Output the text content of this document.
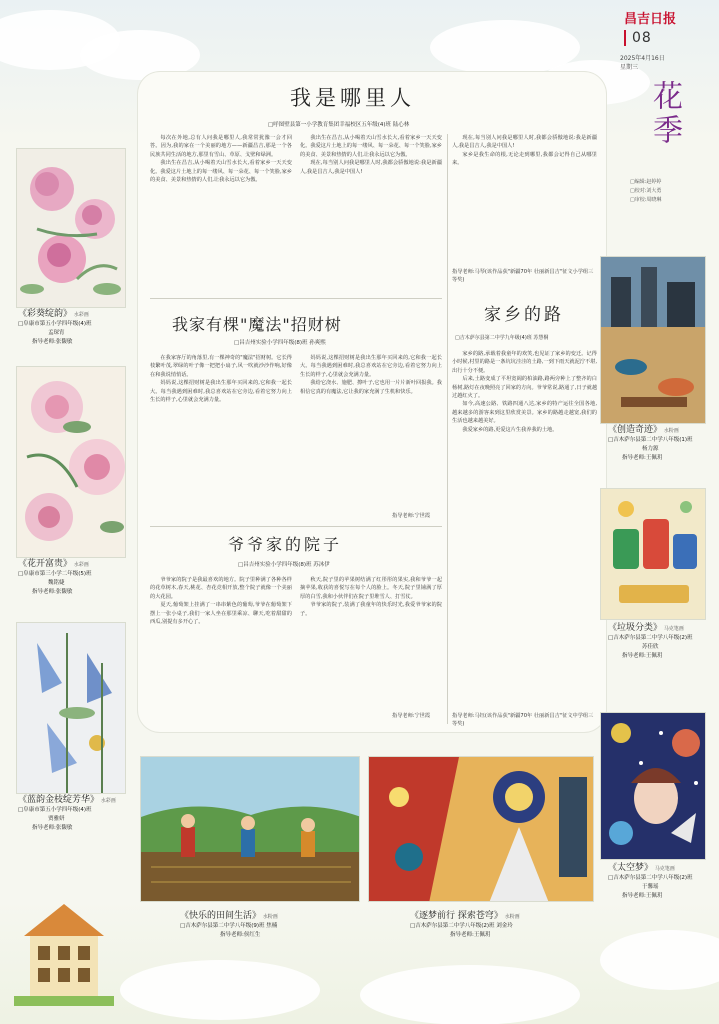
昌吉日报
08
2025年4月16日
星期三
花季
□编辑:赵婷婷
□校对:刘大勇
□审校:周晓琳
我是哪里人
□呼图壁县第一小学教育集团幸福校区五年级(4)班 陆心林

每次在外地,总有人问我是哪里人,我常常犹豫一会才回答。因为,我的家在一个美丽的地方——新疆昌吉,那是一个各民族共同生活的地方,那里有雪山、草原、戈壁和绿洲。

我出生在昌吉,从小喝着天山雪水长大,看着家乡一天天变化。我爱这片土地上的每一缕风、每一朵花、每一个笑脸,家乡的美食、美景和热情的人们,让我永远以它为傲。

我出生在昌吉,从小喝着天山雪水长大,看着家乡一天天变化。我爱这片土地上的每一缕风、每一朵花、每一个笑脸,家乡的美食、美景和热情的人们,让我永远以它为傲。

现在,每当别人问我是哪里人时,我都会骄傲地说:我是新疆人,我是昌吉人,我是中国人!

现在,每当别人问我是哪里人时,我都会骄傲地说:我是新疆人,我是昌吉人,我是中国人!

家乡是我生命的根,无论走到哪里,我都会记得自己从哪里来。

指导老师:马琴(该作品获"新疆70年 壮丽新昌吉"征文小学组三等奖)
我家有棵"魔法"招财树
□昌吉州实验小学四年级(8)班 孙爽熙

在我家客厅的角落里,有一棵神奇的"魔法"招财树。它长得枝繁叶茂,翠绿的叶子像一把把小扇子,风一吹就沙沙作响,好像在和我说悄悄话。

妈妈说,这棵招财树是我出生那年买回来的,它和我一起长大。每当我遇到困难时,我总喜欢站在它旁边,看着它努力向上生长的样子,心里就会充满力量。

妈妈说,这棵招财树是我出生那年买回来的,它和我一起长大。每当我遇到困难时,我总喜欢站在它旁边,看着它努力向上生长的样子,心里就会充满力量。

我给它浇水、施肥、擦叶子,它也用一片片新叶回报我。我相信它真的有魔法,它让我的家充满了生机和快乐。

指导老师:宁世霞
家乡的路
□吉木萨尔县第二中学九年级(4)班 苏慧桐

家乡的路,承载着我童年的欢笑,也见证了家乡的变迁。记得小时候,村里的路是一条坑坑洼洼的土路,一到下雨天就泥泞不堪,出行十分不便。

后来,土路变成了平坦宽阔的柏油路,路两旁种上了整齐的白杨树,路灯在夜晚照亮了回家的方向。爷爷常说,路通了,日子就越过越红火了。

如今,高速公路、铁路四通八达,家乡的特产运往全国各地,越来越多的游客来到这里欣赏美景。家乡的路越走越宽,我们的生活也越来越美好。

我爱家乡的路,更爱这片生我养我的土地。

指导老师:马钰(该作品获"新疆70年 壮丽新昌吉"征文中学组三等奖)
爷爷家的院子
□昌吉州实验小学四年级(8)班 苏沐伊

爷爷家的院子是我最喜欢的地方。院子里种满了各种各样的花草树木,春天,桃花、杏花竞相开放,整个院子就像一个美丽的大花园。

夏天,葡萄架上挂满了一串串紫色的葡萄,爷爷在葡萄架下摆上一张小桌子,我们一家人坐在那里乘凉、聊天,吃着甜甜的西瓜,别提有多开心了。

秋天,院子里的苹果树结满了红彤彤的果实,我和爷爷一起摘苹果,收获的喜悦写在每个人的脸上。冬天,院子里铺满了厚厚的白雪,我和小伙伴们在院子里堆雪人、打雪仗。

爷爷家的院子,装满了我童年的快乐时光,我爱爷爷家的院子。

指导老师:宁世霞
《彩葵绽韵》 水彩画
□阜康市第五小学四年级(4)班
孟琛宵
指导老师:张馥敏
《花开富贵》 水彩画
□阜康市第三小学二年级(5)班
魏铭婕
指导老师:张馥敏
《蓝韵金枝绽芳华》 水彩画
□阜康市第五小学四年级(4)班
贾雅妍
指导老师:张馥敏
《创造奇迹》 水粉画
□吉木萨尔县第二中学八年级(1)班
杨力源
指导老师:王佩玥
《垃圾分类》 马克笔画
□吉木萨尔县第二中学八年级(2)班
苏佳欣
指导老师:王佩玥
《太空梦》 马克笔画
□吉木萨尔县第二中学八年级(2)班
于馨瑶
指导老师:王佩玥
《快乐的田间生活》 水粉画
□吉木萨尔县第二中学八年级(9)班 焦楠
指导老师:侯红生
《逐梦前行 探索苍穹》 水粉画
□吉木萨尔县第二中学八年级(2)班 刘金玲
指导老师:王佩玥
